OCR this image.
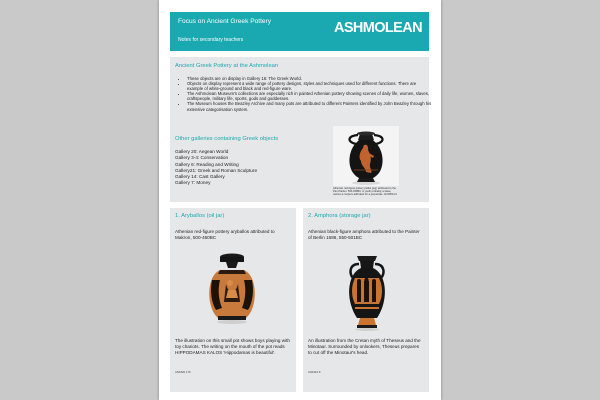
Focus on Ancient Greek Pottery
Notes for secondary teachers
ASHMOLEAN
Ancient Greek Pottery at the Ashmolean
• These objects are on display in Gallery 16: The Greek World.
• Objects on display represent a wide range of pottery designs, styles and techniques used for different functions. There are example of white-ground and black and red-figure ware.
• The Ashmolean Museum's collections are especially rich in painted Athenian pottery showing scenes of daily life, women, slaves, craftspeople, military life, sports, gods and goddesses.
• The Museum houses the Beazley Archive and many pots are attributed to different Painters identified by John Beazley through his extensive categorisation system.
Other galleries containing Greek objects
Gallery 20: Aegean World
Gallery 3-4: Conservation
Gallery 6: Reading and Writing
Gallery21: Greek and Roman Sculpture
Gallery 14: Cast Gallery
Gallery 7: Money
Athenian red-figure pottery pelike (jug) attributed to the Pan Painter. 500-450BC. A youth probably a slave, carries a coopers add label for a perpetrate. AN1950.21
1. Aryballos (oil jar)
Athenian red-figure pottery aryballos attributed to Makron, 500-450BC
The illustration on this small pot shows boys playing with toy chariots. The writing on the mouth of the pot reads HIPPODAMAS KALOS 'Hippodamas is beautiful'.
AN1820.176
2. Amphora (storage jar)
Athenian black-figure amphora attributed to the Painter of Berlin 1686, 550-501BC
An illustration from the Cretan myth of Theseus and the Minotaur. Surrounded by onlookers, Theseus prepares to cut off the Minotaur's head.
AN1919.8
